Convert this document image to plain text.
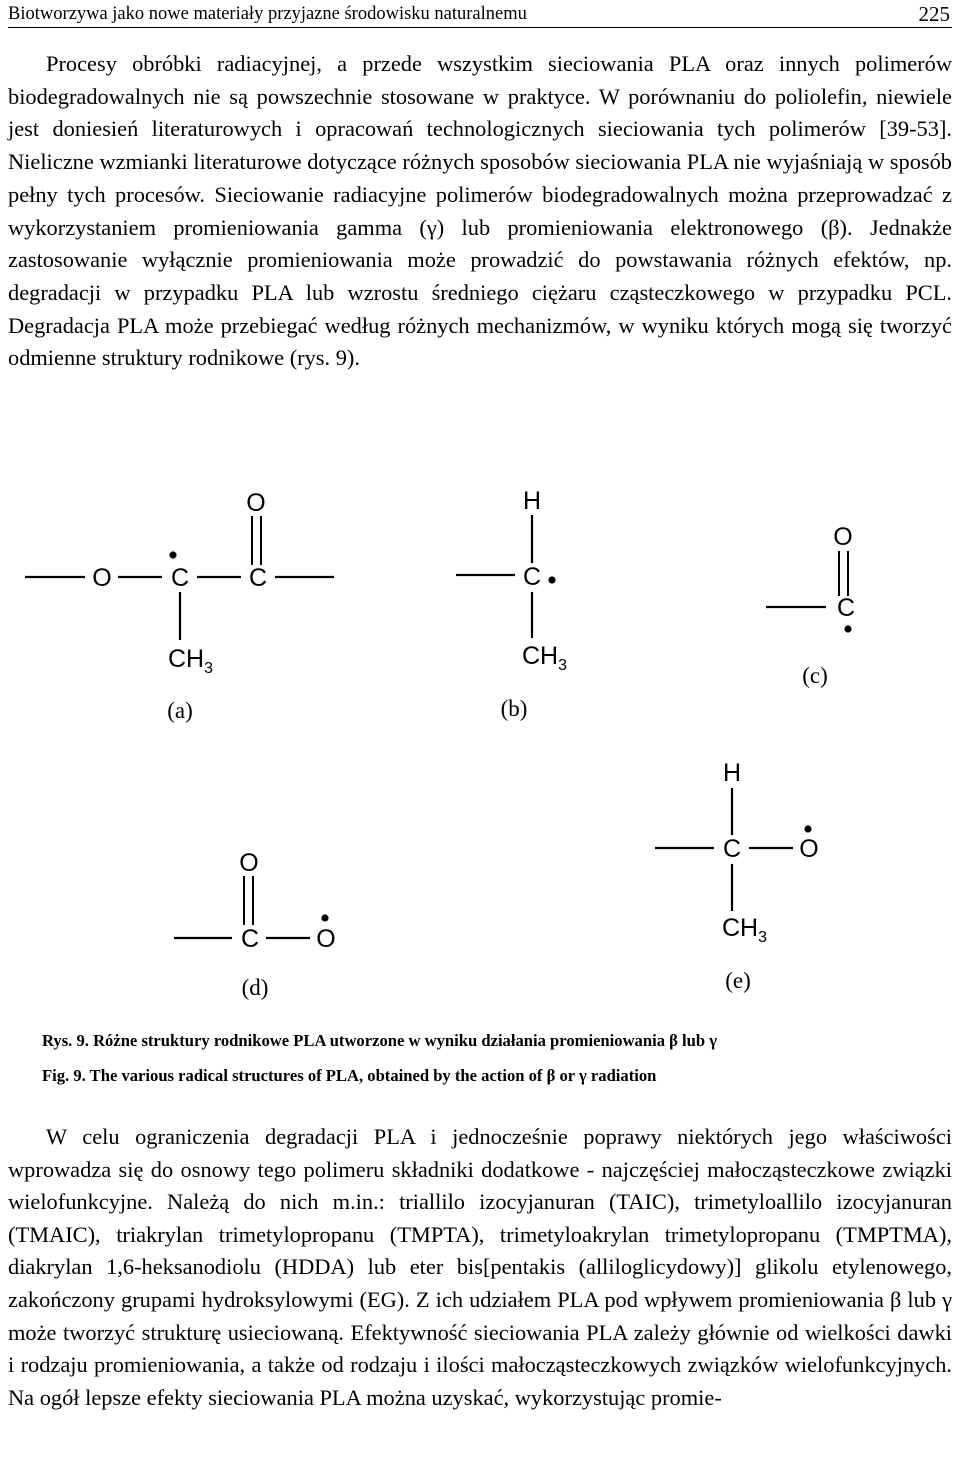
Biotworzywa jako nowe materiały przyjazne środowisku naturalnemu	225

Procesy obróbki radiacyjnej, a przede wszystkim sieciowania PLA oraz innych polimerów biodegradowalnych nie są powszechnie stosowane w praktyce. W porównaniu do poliolefin, niewiele jest doniesień literaturowych i opracowań technologicznych sieciowania tych polimerów [39-53]. Nieliczne wzmianki literaturowe dotyczące różnych sposobów sieciowania PLA nie wyjaśniają w sposób pełny tych procesów. Sieciowanie radiacyjne polimerów biodegradowalnych można przeprowadzać z wykorzystaniem promieniowania gamma (γ) lub promieniowania elektronowego (β). Jednakże zastosowanie wyłącznie promieniowania może prowadzić do powstawania różnych efektów, np. degradacji w przypadku PLA lub wzrostu średniego ciężaru cząsteczkowego w przypadku PCL. Degradacja PLA może przebiegać według różnych mechanizmów, w wyniku których mogą się tworzyć odmienne struktury rodnikowe (rys. 9).

O C C
O
$CH_3$
(a)
C
H
$CH_3$
(b)
O
C
(c)
O
C O
(d)
H
C O
$CH_3$
(e)
Rys. 9. Różne struktury rodnikowe PLA utworzone w wyniku działania promieniowania β lub γ
Fig. 9. The various radical structures of PLA, obtained by the action of β or γ radiation

W celu ograniczenia degradacji PLA i jednocześnie poprawy niektórych jego właściwości wprowadza się do osnowy tego polimeru składniki dodatkowe - najczęściej małocząsteczkowe związki wielofunkcyjne. Należą do nich m.in.: triallilo izocyjanuran (TAIC), trimetyloallilo izocyjanuran (TMAIC), triakrylan trimetylopropanu (TMPTA), trimetyloakrylan trimetylopropanu (TMPTMA), diakrylan 1,6-heksanodiolu (HDDA) lub eter bis[pentakis (alliloglicydowy)] glikolu etylenowego, zakończony grupami hydroksylowymi (EG). Z ich udziałem PLA pod wpływem promieniowania β lub γ może tworzyć strukturę usieciowaną. Efektywność sieciowania PLA zależy głównie od wielkości dawki i rodzaju promieniowania, a także od rodzaju i ilości małocząsteczkowych związków wielofunkcyjnych. Na ogół lepsze efekty sieciowania PLA można uzyskać, wykorzystując promie-
